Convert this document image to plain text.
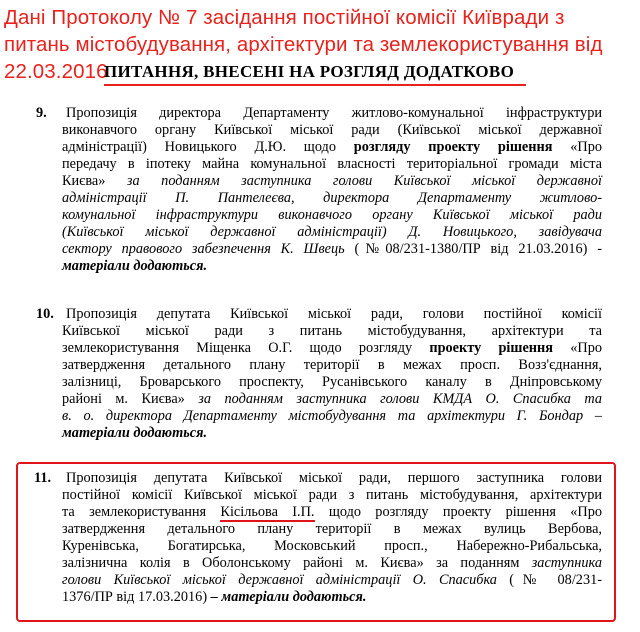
Дані Протоколу № 7 засідання постійної комісії Київради з
питань містобудування, архітектури та землекористування від
22.03.2016
ПИТАННЯ, ВНЕСЕНІ НА РОЗГЛЯД ДОДАТКОВО
9. Пропозиція директора Департаменту житлово-комунальної інфраструктури
виконавчого органу Київської міської ради (Київської міської державної
адміністрації) Новицького Д.Ю. щодо розгляду проекту рішення «Про
передачу в іпотеку майна комунальної власності територіальної громади міста
Києва» за поданням заступника голови Київської міської державної
адміністрації П. Пантелеєва, директора Департаменту житлово-
комунальної інфраструктури виконавчого органу Київської міської ради
(Київської міської державної адміністрації) Д. Новицького, завідувача
сектору правового забезпечення К. Швець (№08/231-1380/ПР від 21.03.2016) -
матеріали додаються.
10. Пропозиція депутата Київської міської ради, голови постійної комісії
Київської міської ради з питань містобудування, архітектури та
землекористування Міщенка О.Г. щодо розгляду проекту рішення «Про
затвердження детального плану території в межах просп. Возз'єднання,
залізниці, Броварського проспекту, Русанівського каналу в Дніпровському
районі м. Києва» за поданням заступника голови КМДА О. Спасибка та
в. о. директора Департаменту містобудування та архітектури Г. Бондар –
матеріали додаються.
11. Пропозиція депутата Київської міської ради, першого заступника голови
постійної комісії Київської міської ради з питань містобудування, архітектури
та землекористування Кісільова І.П. щодо розгляду проекту рішення «Про
затвердження детального плану території в межах вулиць Вербова,
Куренівська, Богатирська, Московський просп., Набережно-Рибальська,
залізнична колія в Оболонському районі м. Києва» за поданням заступника
голови Київської міської державної адміністрації О. Спасибка (№ 08/231-
1376/ПР від 17.03.2016) – матеріали додаються.
